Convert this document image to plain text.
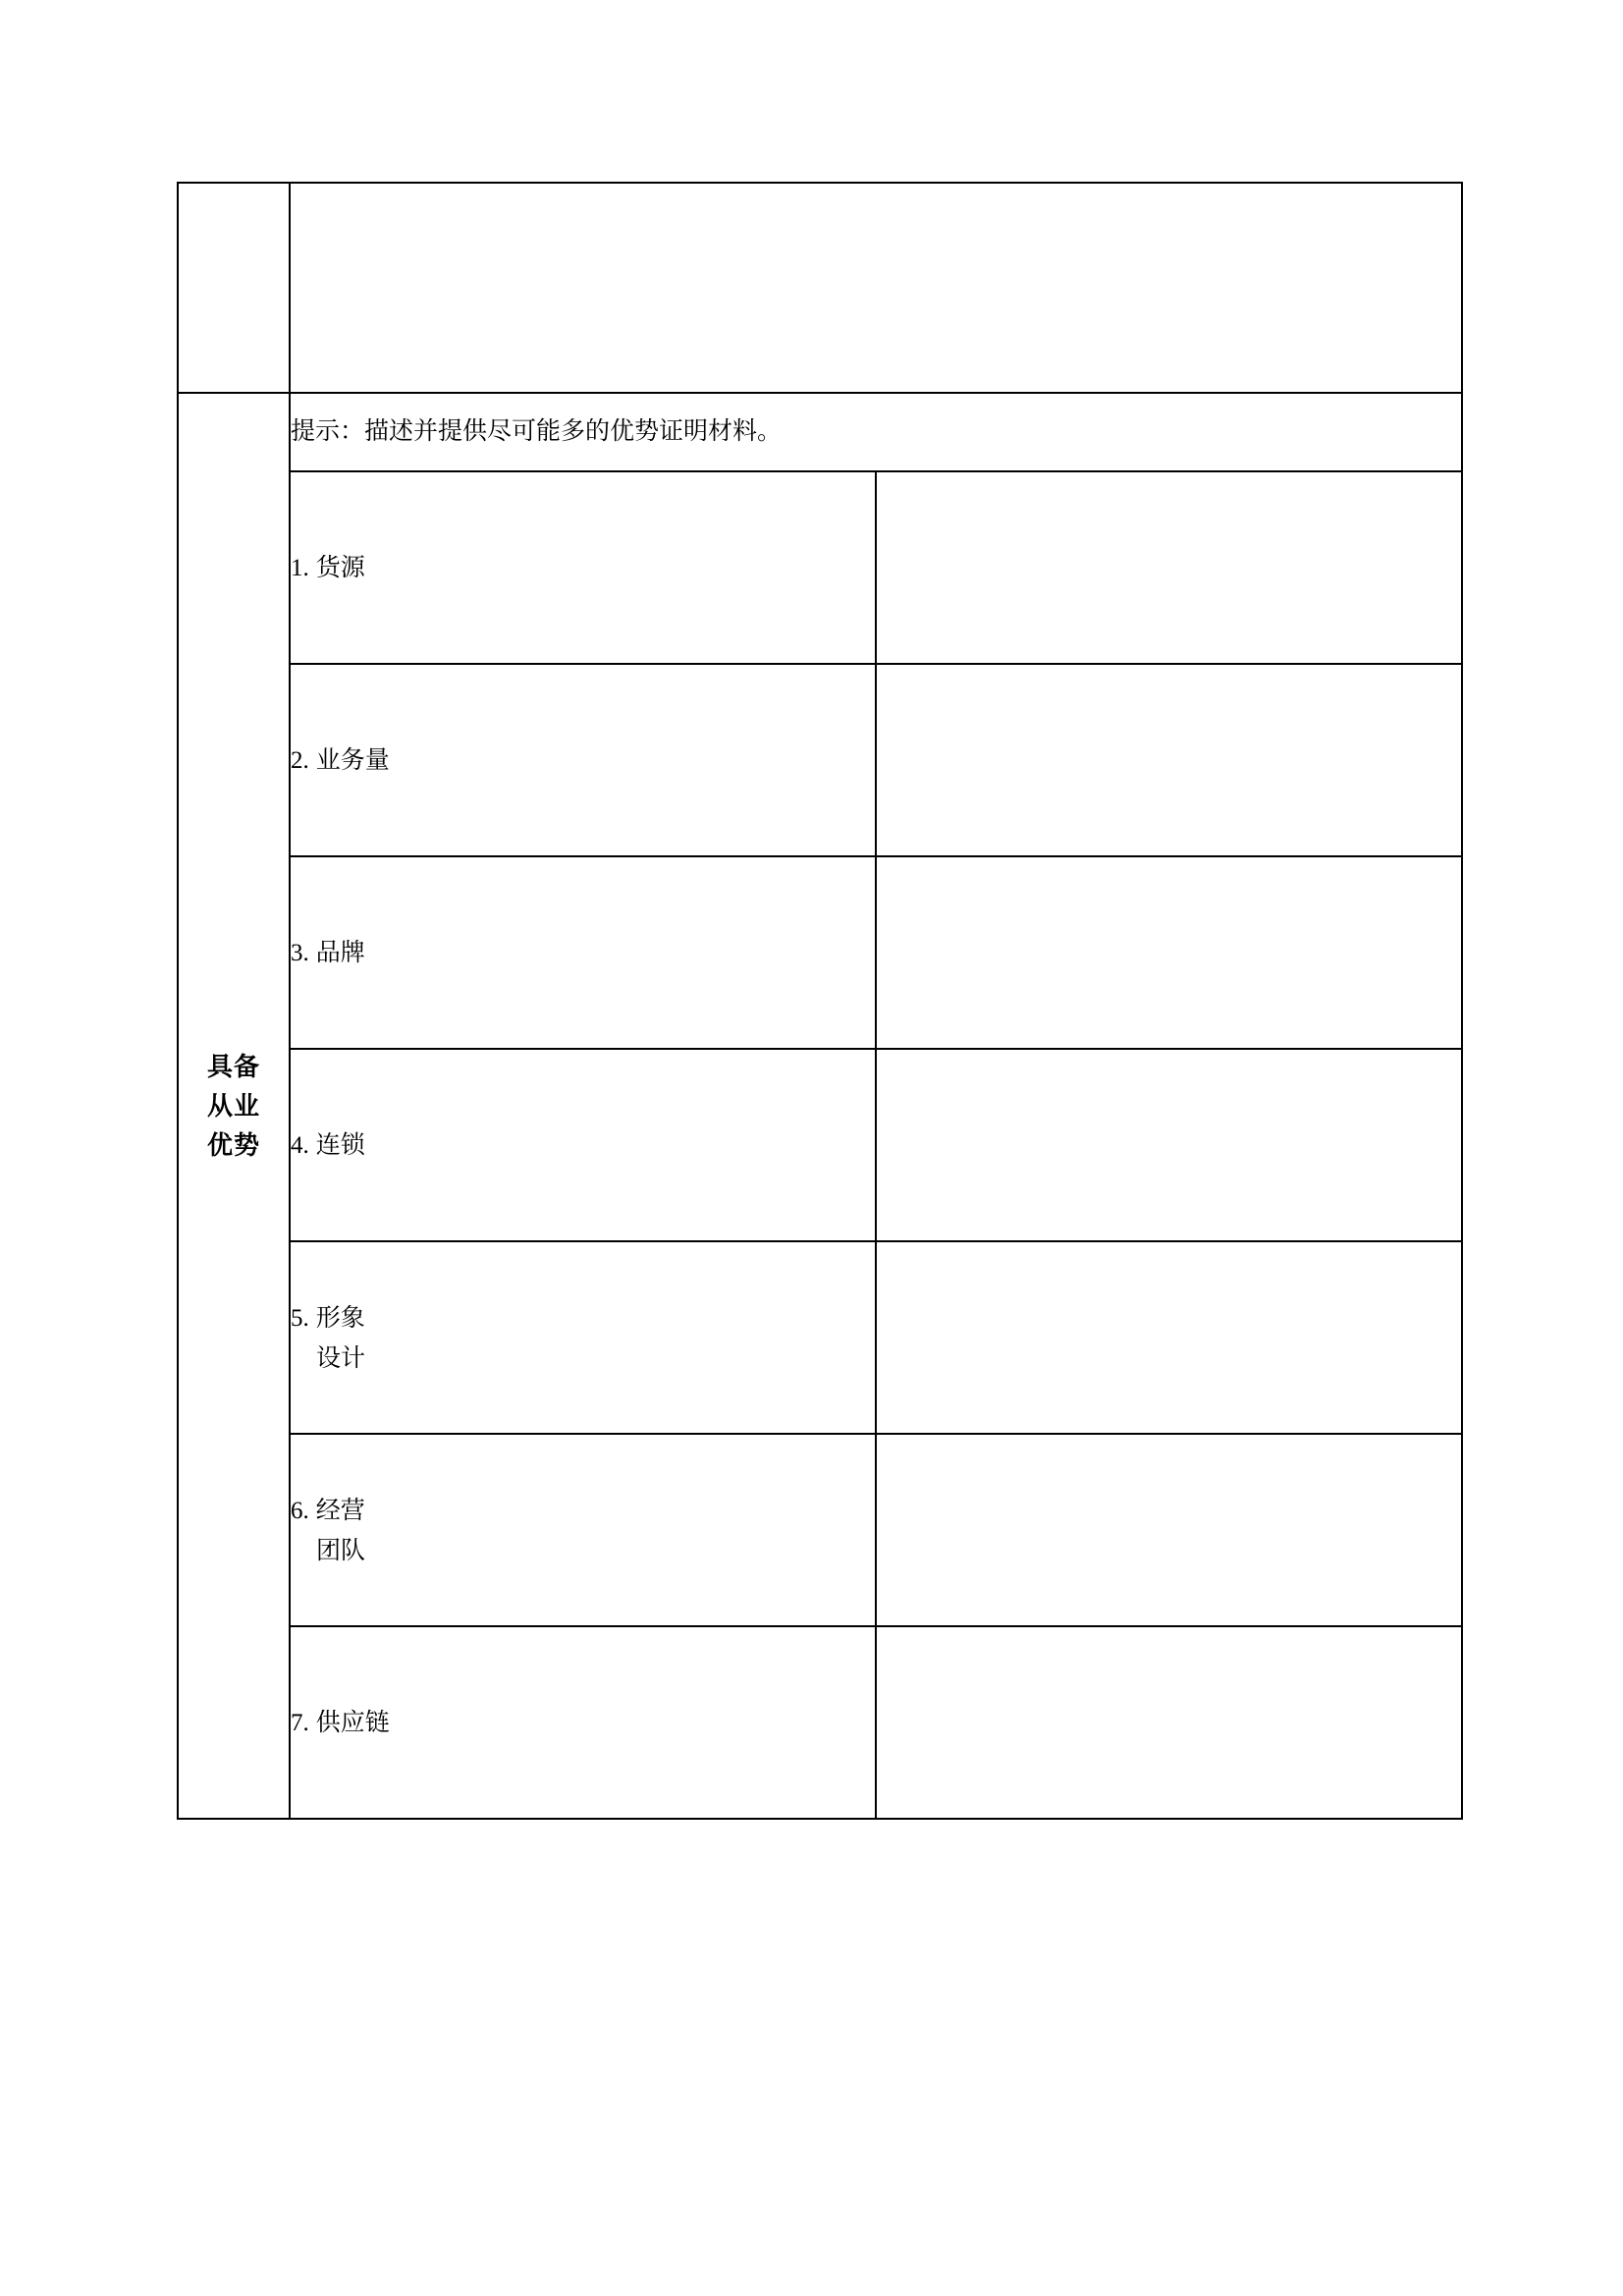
具备
从业
优势	提示：描述并提供尽可能多的优势证明材料。	
	1. 货源	
	2. 业务量	
	3. 品牌	
	4. 连锁	
	5. 形象
设计	

	6. 经营
团队	

	7. 供应链	
